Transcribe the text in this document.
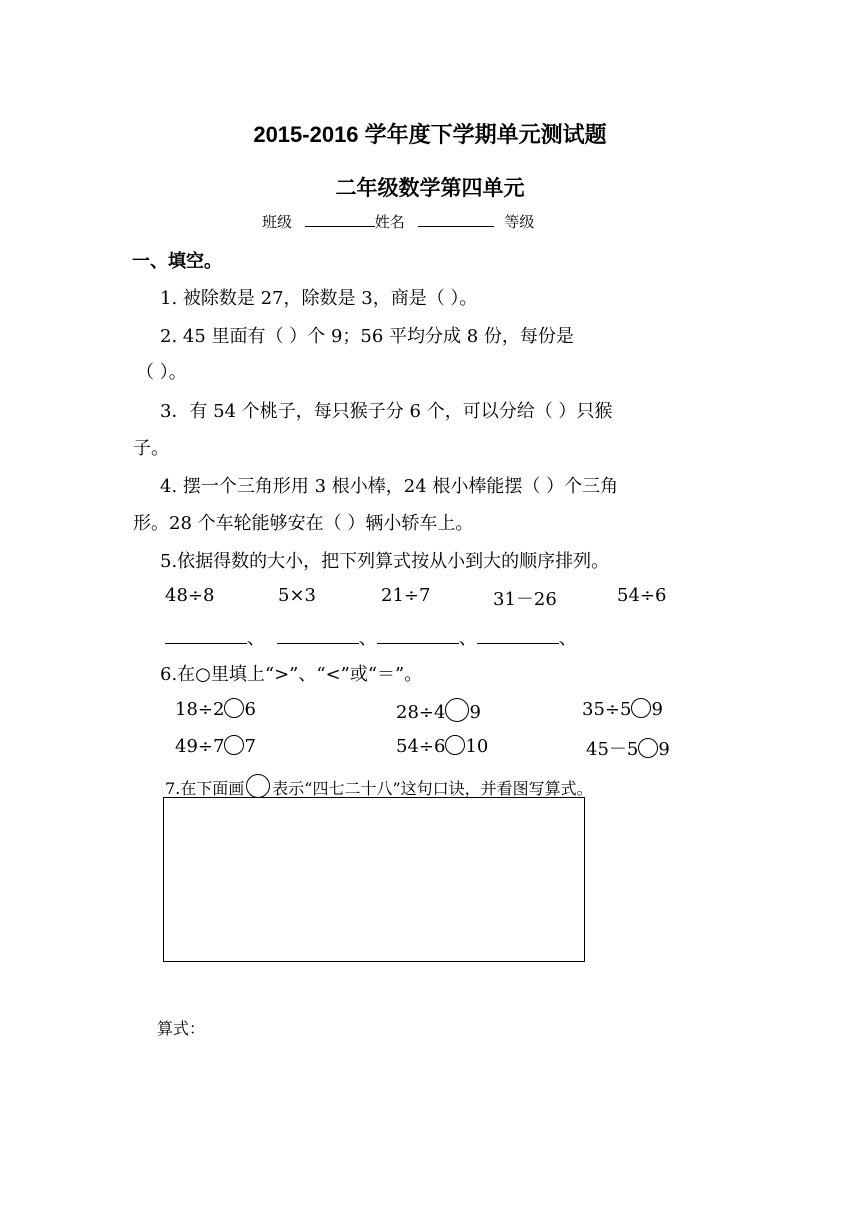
2015-2016 学年度下学期单元测试题
二年级数学第四单元
班级	姓名	等级
一、填空。
1. 被除数是 27，除数是 3，商是（ ）。
2. 45 里面有（ ）个 9；56 平均分成 8 份，每份是
（ ）。
3．有 54 个桃子，每只猴子分 6 个，可以分给（ ）只猴
子。
4. 摆一个三角形用 3 根小棒，24 根小棒能摆（ ）个三角
形。28 个车轮能够安在（ ）辆小轿车上。
5.依据得数的大小，把下列算式按从小到大的顺序排列。
48÷8	5×3	21÷7	31－26	54÷6
、	、	、	、
6.在○里填上“>”、“<”或“＝”。
18÷2 6	28÷4 9	35÷5 9
49÷7 7	54÷6 10	45－5 9
7.在下面画 表示“四七二十八”这句口诀，并看图写算式。
算式：
